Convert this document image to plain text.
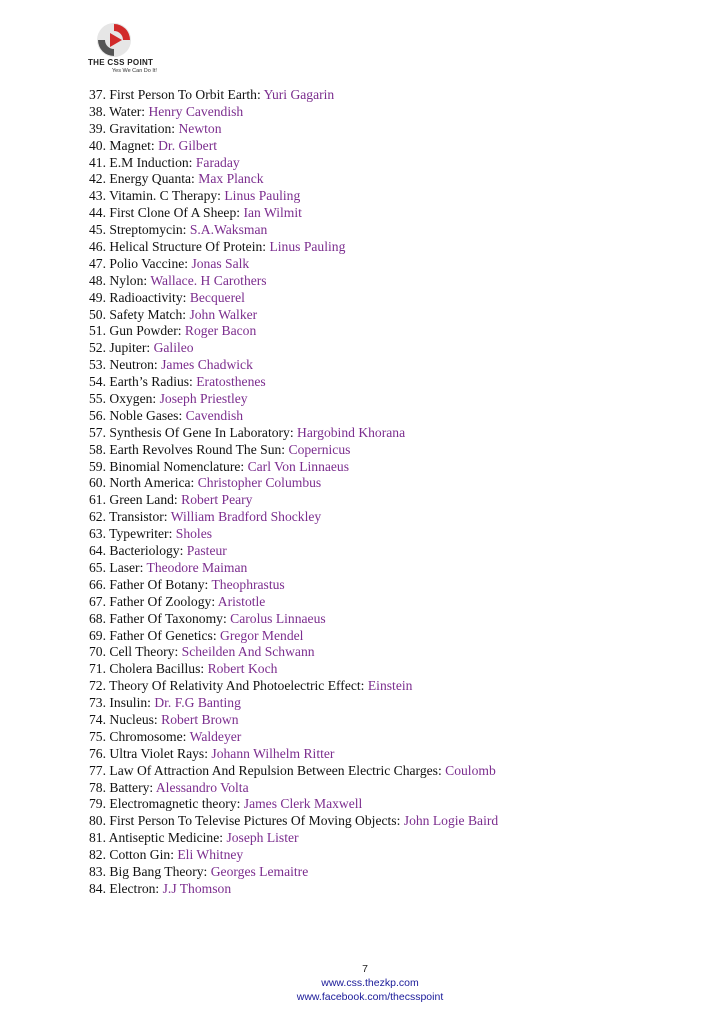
THE CSS POINT
Yes We Can Do It!
37. First Person To Orbit Earth: Yuri Gagarin
38. Water: Henry Cavendish
39. Gravitation: Newton
40. Magnet: Dr. Gilbert
41. E.M Induction: Faraday
42. Energy Quanta: Max Planck
43. Vitamin. C Therapy: Linus Pauling
44. First Clone Of A Sheep: Ian Wilmit
45. Streptomycin: S.A.Waksman
46. Helical Structure Of Protein: Linus Pauling
47. Polio Vaccine: Jonas Salk
48. Nylon: Wallace. H Carothers
49. Radioactivity: Becquerel
50. Safety Match: John Walker
51. Gun Powder: Roger Bacon
52. Jupiter: Galileo
53. Neutron: James Chadwick
54. Earth’s Radius: Eratosthenes
55. Oxygen: Joseph Priestley
56. Noble Gases: Cavendish
57. Synthesis Of Gene In Laboratory: Hargobind Khorana
58. Earth Revolves Round The Sun: Copernicus
59. Binomial Nomenclature: Carl Von Linnaeus
60. North America: Christopher Columbus
61. Green Land: Robert Peary
62. Transistor: William Bradford Shockley
63. Typewriter: Sholes
64. Bacteriology: Pasteur
65. Laser: Theodore Maiman
66. Father Of Botany: Theophrastus
67. Father Of Zoology: Aristotle
68. Father Of Taxonomy: Carolus Linnaeus
69. Father Of Genetics: Gregor Mendel
70. Cell Theory: Scheilden And Schwann
71. Cholera Bacillus: Robert Koch
72. Theory Of Relativity And Photoelectric Effect: Einstein
73. Insulin: Dr. F.G Banting
74. Nucleus: Robert Brown
75. Chromosome: Waldeyer
76. Ultra Violet Rays: Johann Wilhelm Ritter
77. Law Of Attraction And Repulsion Between Electric Charges: Coulomb
78. Battery: Alessandro Volta
79. Electromagnetic theory: James Clerk Maxwell
80. First Person To Televise Pictures Of Moving Objects: John Logie Baird
81. Antiseptic Medicine: Joseph Lister
82. Cotton Gin: Eli Whitney
83. Big Bang Theory: Georges Lemaitre
84. Electron: J.J Thomson
7
www.css.thezkp.com
www.facebook.com/thecsspoint
